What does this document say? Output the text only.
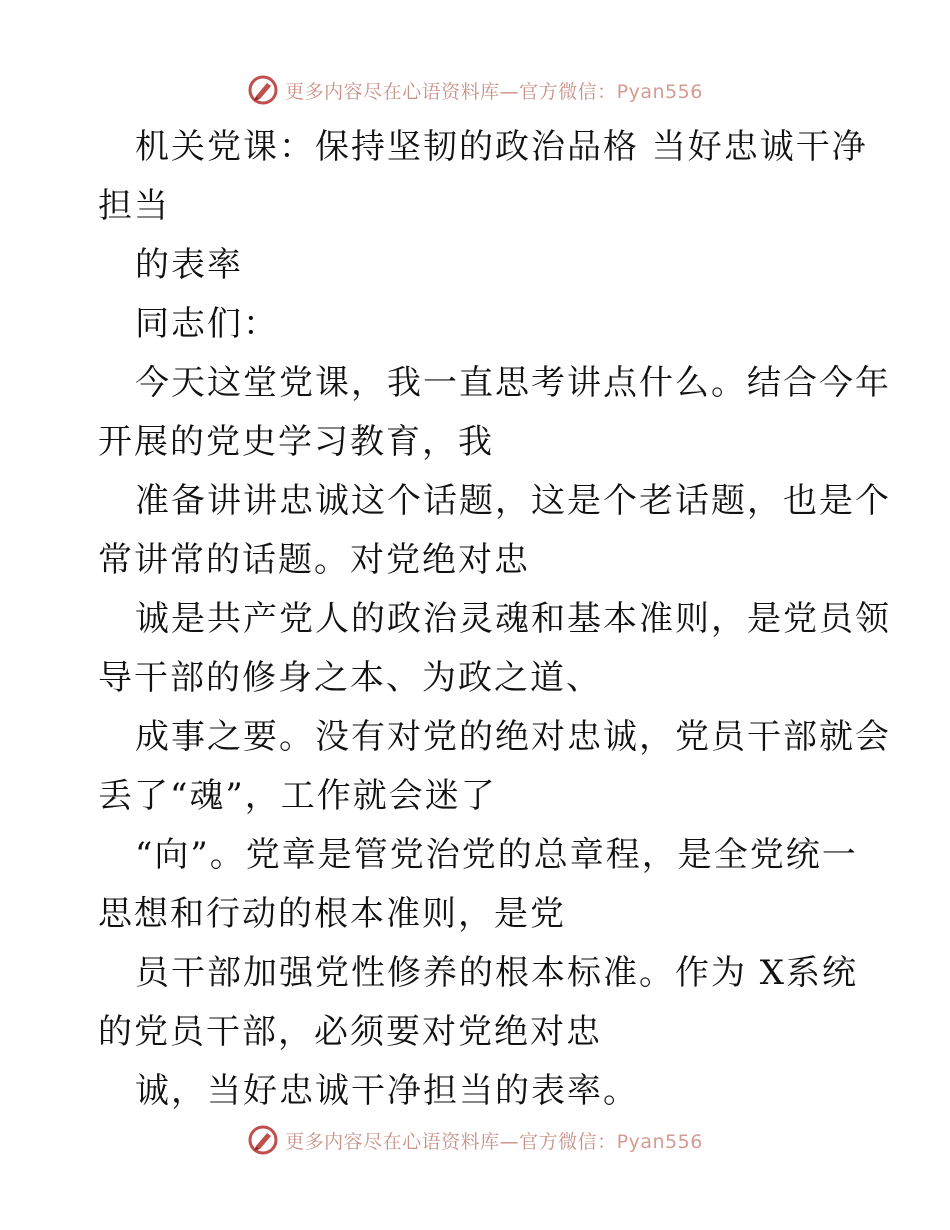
更多内容尽在心语资料库—官方微信：Pyan556
机关党课：保持坚韧的政治品格 当好忠诚干净
担当
的表率
同志们：
今天这堂党课，我一直思考讲点什么。结合今年
开展的党史学习教育，我
准备讲讲忠诚这个话题，这是个老话题，也是个
常讲常的话题。对党绝对忠
诚是共产党人的政治灵魂和基本准则，是党员领
导干部的修身之本、为政之道、
成事之要。没有对党的绝对忠诚，党员干部就会
丢了“魂”，工作就会迷了
“向”。党章是管党治党的总章程，是全党统一
思想和行动的根本准则，是党
员干部加强党性修养的根本标准。作为 X系统
的党员干部，必须要对党绝对忠
诚，当好忠诚干净担当的表率。
更多内容尽在心语资料库—官方微信：Pyan556
